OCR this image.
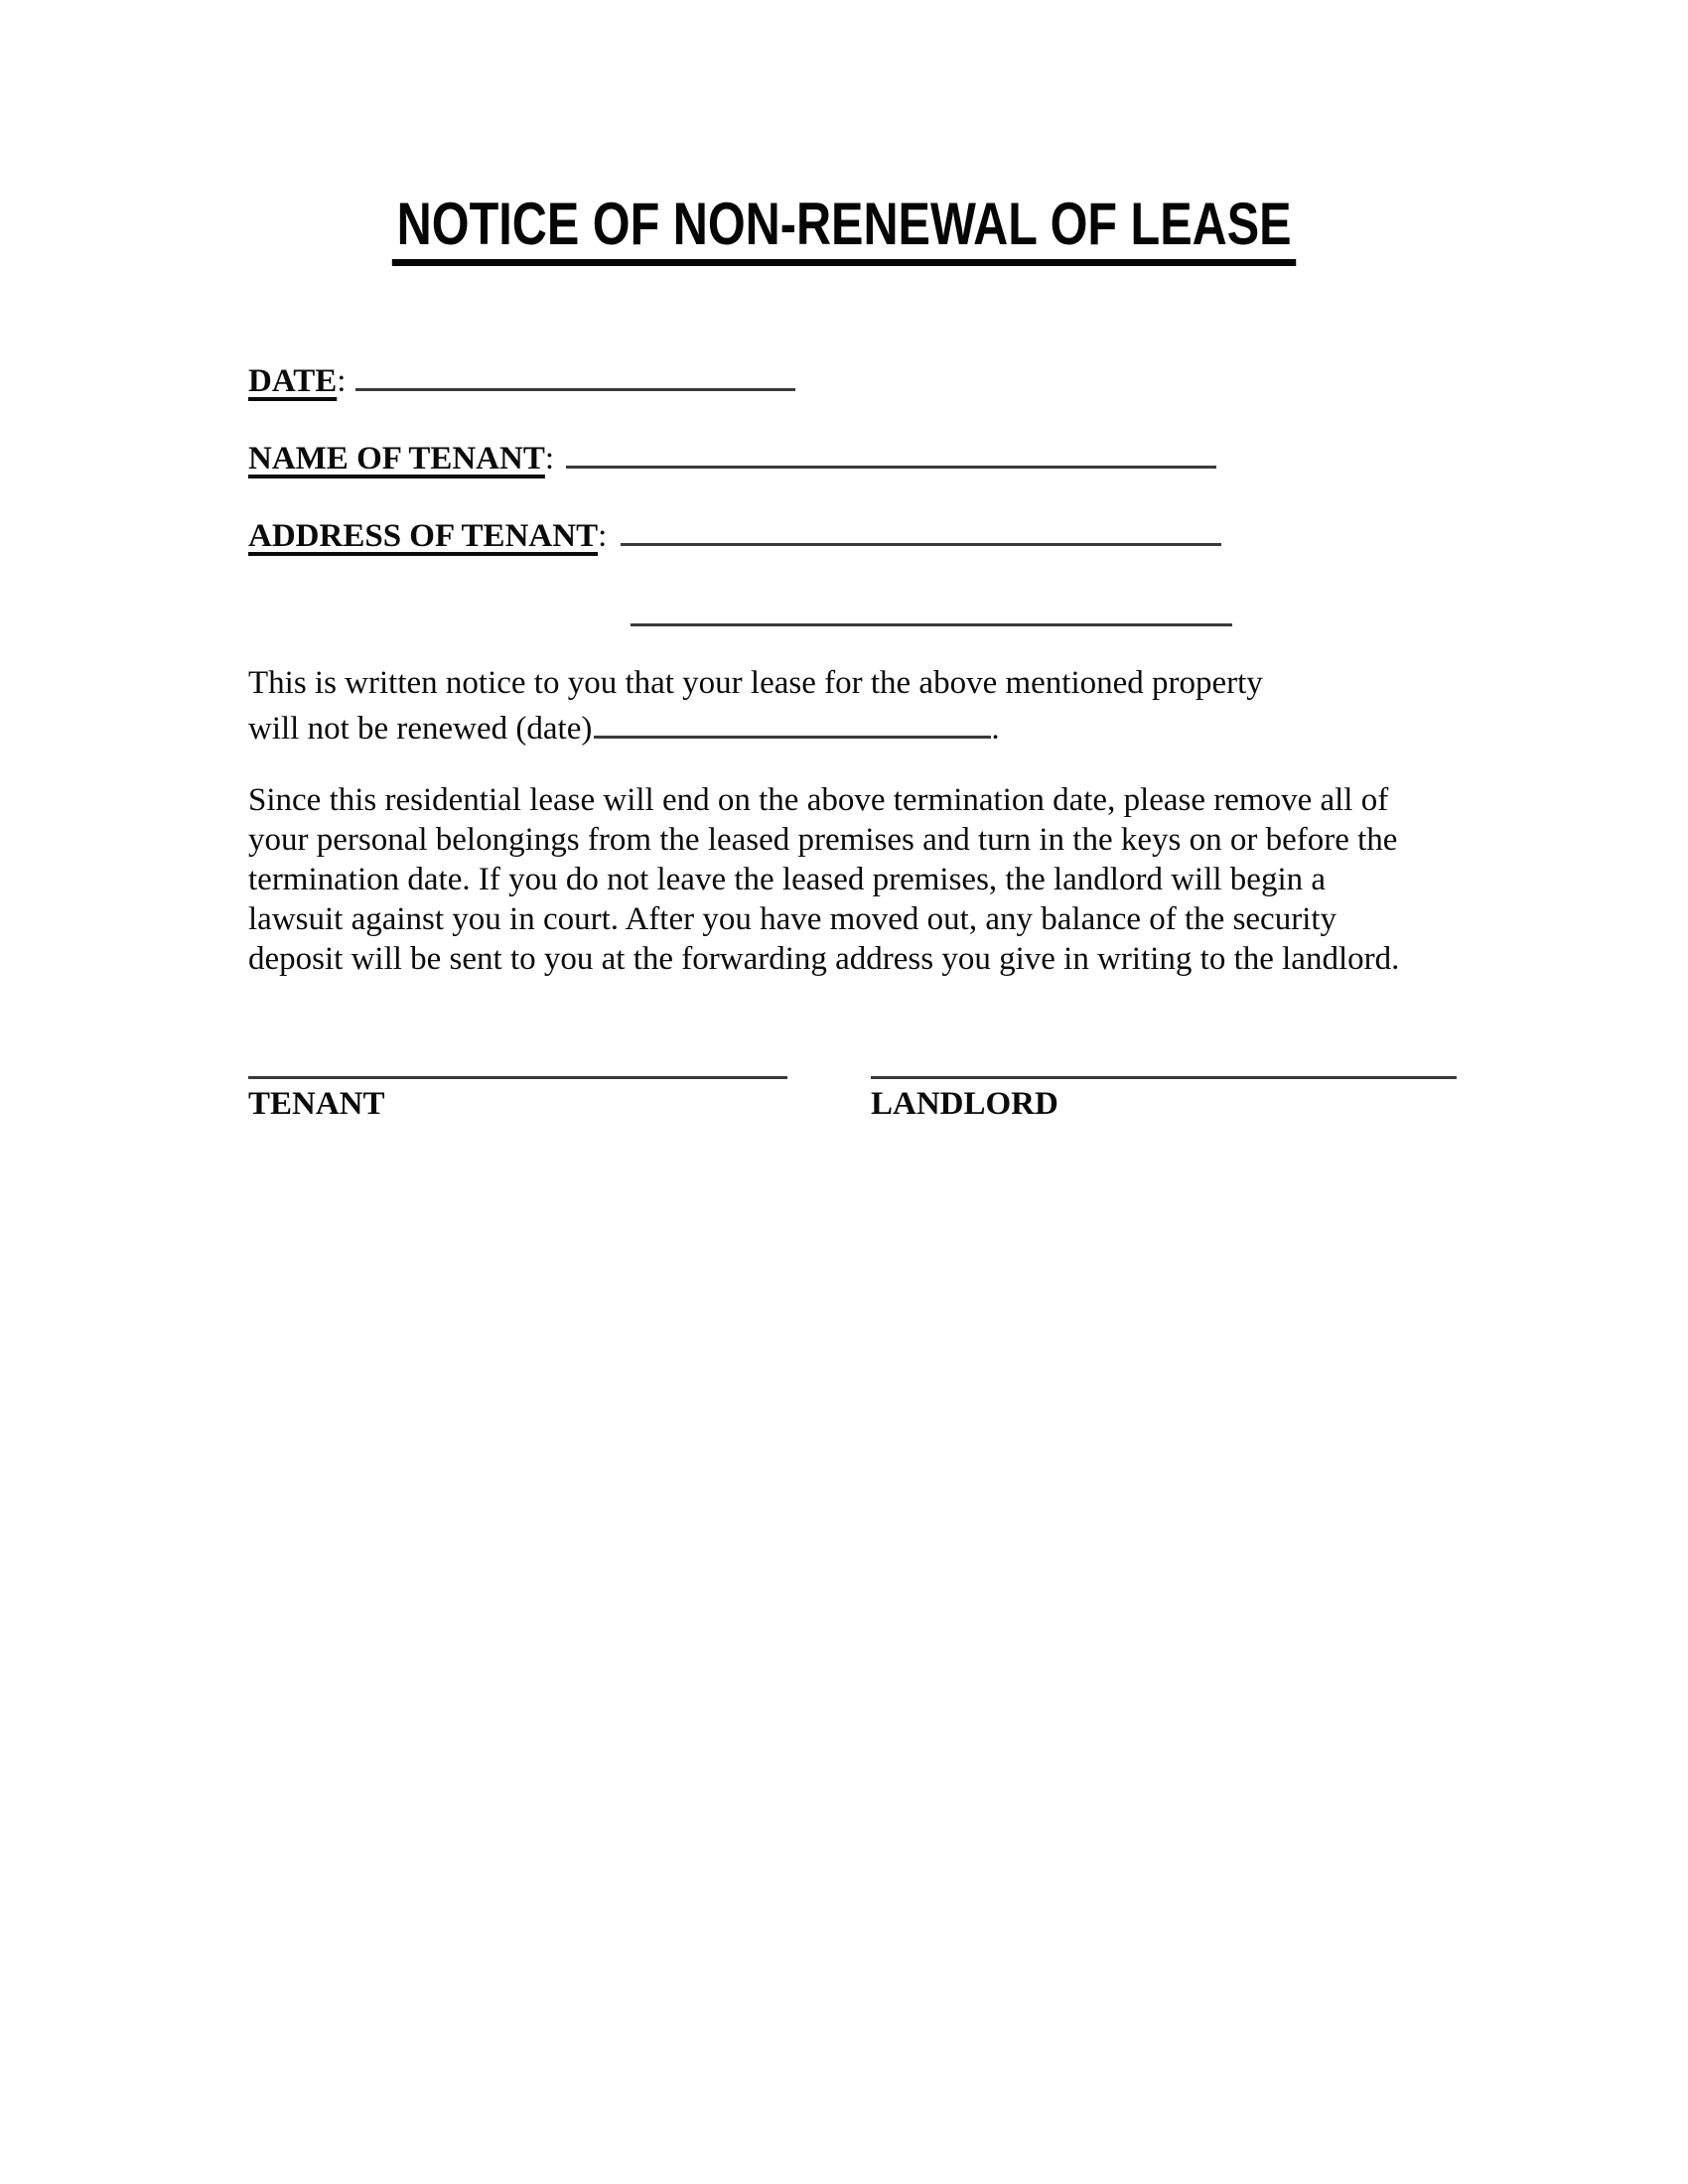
NOTICE OF NON-RENEWAL OF LEASE
DATE:
NAME OF TENANT:
ADDRESS OF TENANT:
This is written notice to you that your lease for the above mentioned property
will not be renewed (date)	.
Since this residential lease will end on the above termination date, please remove all of
your personal belongings from the leased premises and turn in the keys on or before the
termination date. If you do not leave the leased premises, the landlord will begin a
lawsuit against you in court. After you have moved out, any balance of the security
deposit will be sent to you at the forwarding address you give in writing to the landlord.
TENANT	LANDLORD
